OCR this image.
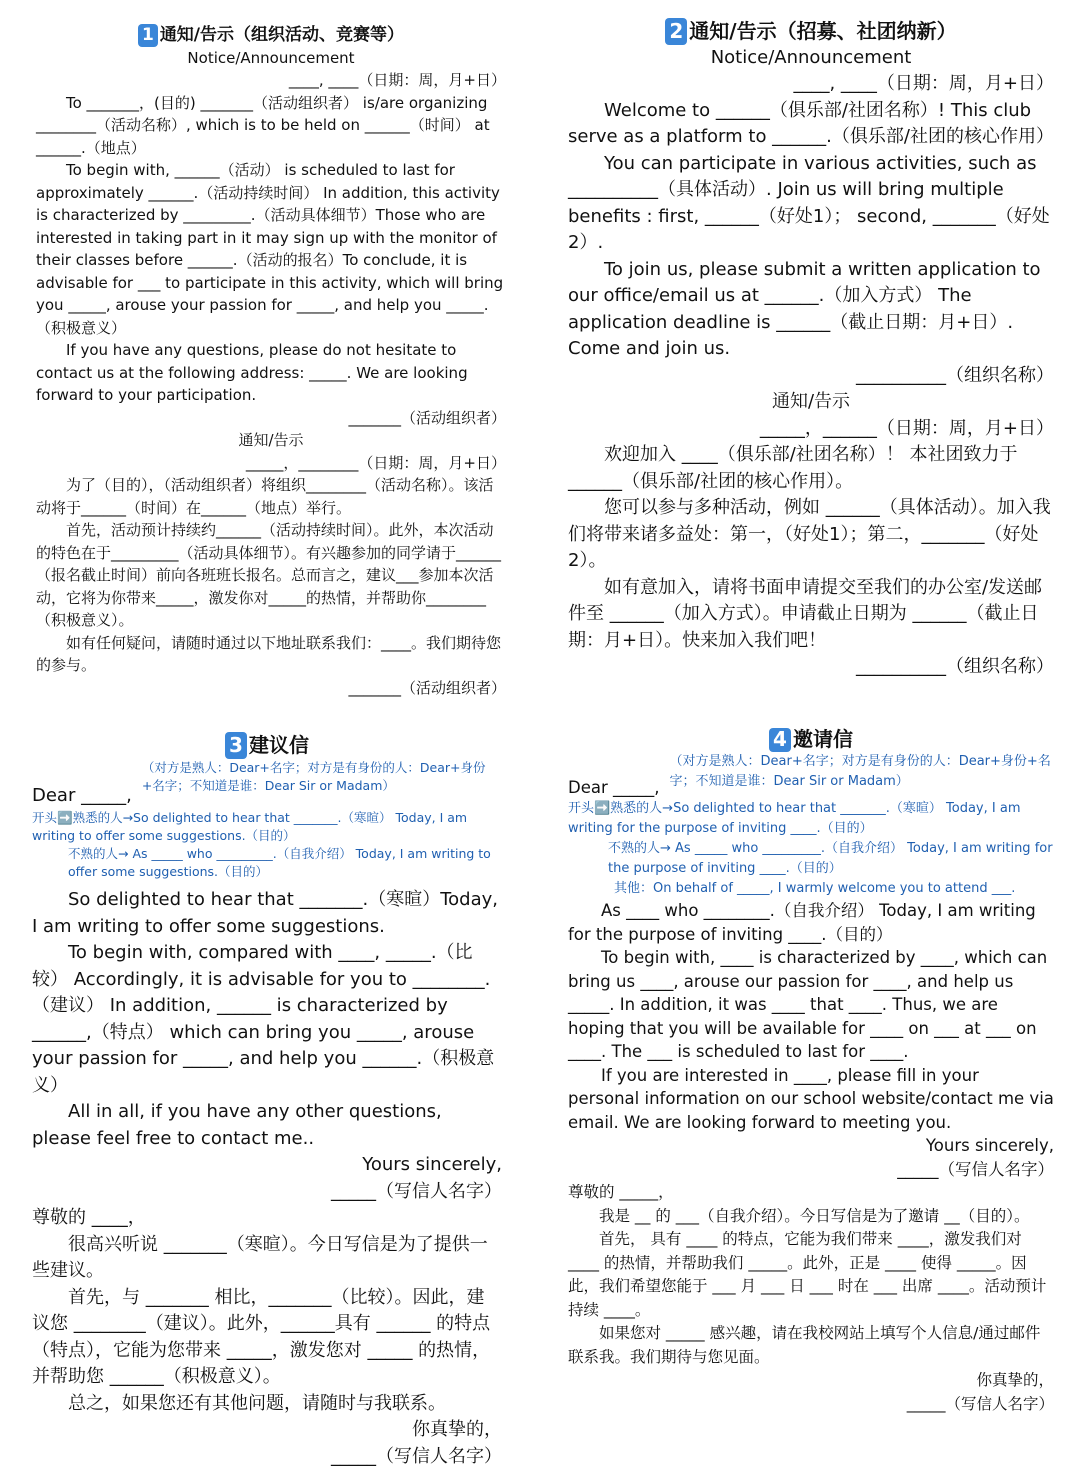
1 通知/告示（组织活动、竞赛等）

Notice/Announcement

____, ____（日期：周，月+日）

To _______，(目的) _______（活动组织者） is/are organizing ________（活动名称）, which is to be held on ______（时间） at ______.（地点）

To begin with, ______（活动） is scheduled to last for approximately ______.（活动持续时间） In addition, this activity is characterized by _________.（活动具体细节）Those who are interested in taking part in it may sign up with the monitor of their classes before ______.（活动的报名）To conclude, it is advisable for ___ to participate in this activity, which will bring you _____, arouse your passion for _____, and help you _____.（积极意义）

If you have any questions, please do not hesitate to contact us at the following address: _____. We are looking forward to your participation.

_______（活动组织者）

通知/告示

_____，________（日期：周，月+日）

为了（目的），（活动组织者）将组织________（活动名称）。该活动将于______（时间）在______（地点）举行。

首先，活动预计持续约______（活动持续时间）。此外，本次活动的特色在于_________（活动具体细节）。有兴趣参加的同学请于______（报名截止时间）前向各班班长报名。总而言之，建议___参加本次活动，它将为你带来_____，激发你对_____的热情，并帮助你________（积极意义）。

如有任何疑问，请随时通过以下地址联系我们：____。我们期待您的参与。

_______（活动组织者）

2 通知/告示（招募、社团纳新）

Notice/Announcement

____, ____（日期：周，月+日）

Welcome to ______（俱乐部/社团名称）! This club serve as a platform to ______.（俱乐部/社团的核心作用）

You can participate in various activities, such as __________（具体活动）. Join us will bring multiple benefits : first, ______（好处1）； second, _______（好处2）.

To join us, please submit a written application to our office/email us at ______.（加入方式） The application deadline is ______（截止日期：月+日）. Come and join us.

__________（组织名称）

通知/告示

_____，______（日期：周，月+日）

欢迎加入 ____（俱乐部/社团名称）！ 本社团致力于______（俱乐部/社团的核心作用）。

您可以参与多种活动，例如 ______（具体活动）。加入我们将带来诸多益处：第一，（好处1）；第二，_______（好处2）。

如有意加入，请将书面申请提交至我们的办公室/发送邮件至 ______（加入方式）。申请截止日期为 ______（截止日期：月+日）。快来加入我们吧！

__________（组织名称）

3 建议信

Dear _____,
（对方是熟人：Dear+名字；对方是有身份的人：Dear+身份+名字；不知道是谁：Dear Sir or Madam）

开头➡️熟悉的人→So delighted to hear that _______.（寒暄） Today, I am writing to offer some suggestions.（目的）

不熟的人→ As _____ who _________.（自我介绍） Today, I am writing to offer some suggestions.（目的）

So delighted to hear that _______.（寒暄）Today, I am writing to offer some suggestions.

To begin with, compared with ____, _____.（比较） Accordingly, it is advisable for you to ________.（建议） In addition, ______ is characterized by ______,（特点） which can bring you _____, arouse your passion for _____, and help you ______.（积极意义）

All in all, if you have any other questions, please feel free to contact me..

Yours sincerely,

_____（写信人名字）

尊敬的 ____，

很高兴听说 _______（寒暄）。今日写信是为了提供一些建议。

首先，与 _______ 相比，_______（比较）。因此，建议您 ________（建议）。此外，______具有 ______ 的特点（特点），它能为您带来 _____，激发您对 _____ 的热情，并帮助您 ______（积极意义）。

总之，如果您还有其他问题，请随时与我联系。

你真挚的，

_____（写信人名字）

4 邀请信

Dear _____,
（对方是熟人：Dear+名字；对方是有身份的人：Dear+身份+名字；不知道是谁：Dear Sir or Madam）

开头➡️熟悉的人→So delighted to hear that _______.（寒暄） Today, I am writing for the purpose of inviting ____.（目的）

不熟的人→ As _____ who _________.（自我介绍） Today, I am writing for the purpose of inviting ____.（目的）

其他：On behalf of _____, I warmly welcome you to attend ___.

As ____ who ________.（自我介绍） Today, I am writing for the purpose of inviting ____.（目的）

To begin with, ____ is characterized by ____, which can bring us ____, arouse our passion for ____, and help us _____. In addition, it was ____ that ____. Thus, we are hoping that you will be available for ____ on ___ at ___ on ____. The ___ is scheduled to last for ____.

If you are interested in ____, please fill in your personal information on our school website/contact me via email. We are looking forward to meeting you.

Yours sincerely,

_____（写信人名字）

尊敬的 _____，

我是 __ 的 ___（自我介绍）。今日写信是为了邀请 __（目的）。

首先， 具有 ____ 的特点，它能为我们带来 ____，激发我们对 ____ 的热情，并帮助我们 _____。此外，正是 ____ 使得 _____。因此，我们希望您能于 ___ 月 ___ 日 ___ 时在 ___ 出席 ____。活动预计持续 ____。

如果您对 _____ 感兴趣，请在我校网站上填写个人信息/通过邮件联系我。我们期待与您见面。

你真挚的，

_____（写信人名字）
